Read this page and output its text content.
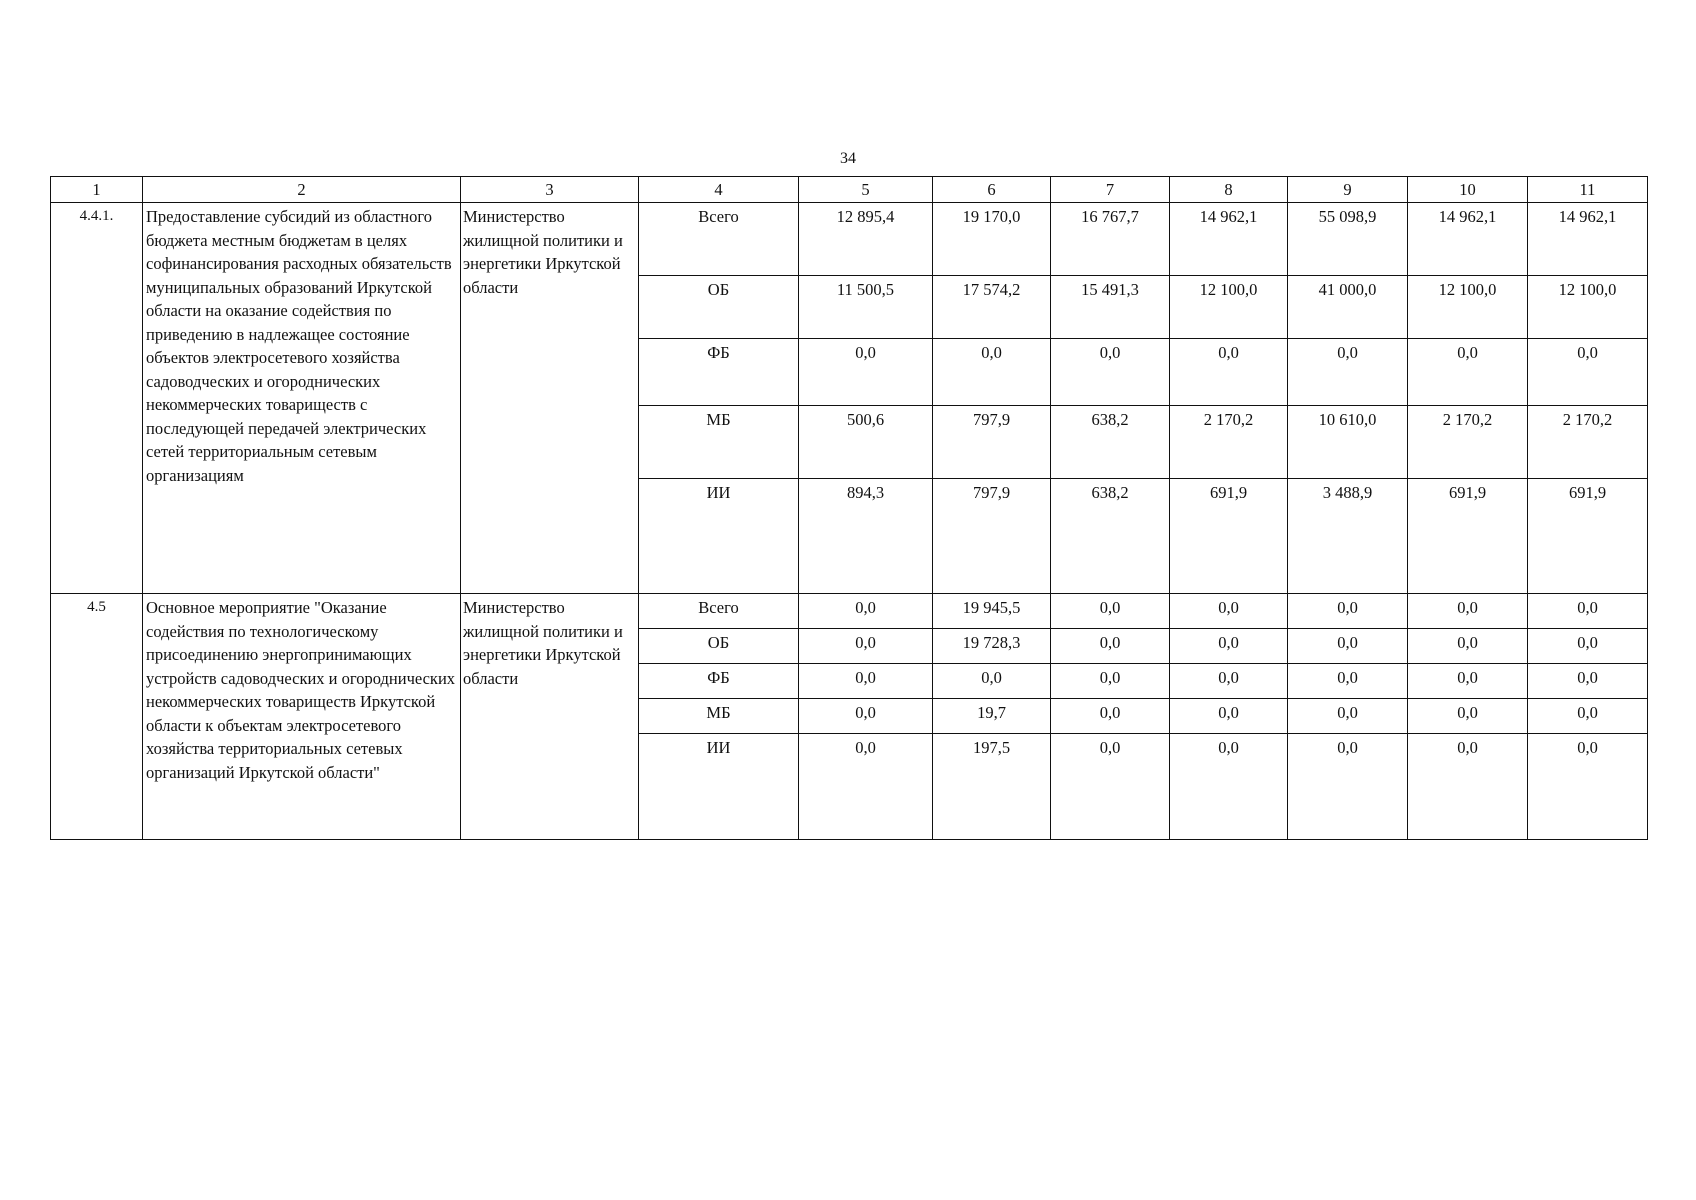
34
1	2	3	4	5	6	7	8	9	10	11
4.4.1.	Предоставление субсидий из областного бюджета местным бюджетам в целях софинансирования расходных обязательств муниципальных образований Иркутской области на оказание содействия по приведению в надлежащее состояние объектов электросетевого хозяйства садоводческих и огороднических некоммерческих товариществ с последующей передачей электрических сетей территориальным сетевым организациям	Министерство жилищной политики и энергетики Иркутской области	Всего	12 895,4	19 170,0	16 767,7	14 962,1	55 098,9	14 962,1	14 962,1
			ОБ	11 500,5	17 574,2	15 491,3	12 100,0	41 000,0	12 100,0	12 100,0
			ФБ	0,0	0,0	0,0	0,0	0,0	0,0	0,0
			МБ	500,6	797,9	638,2	2 170,2	10 610,0	2 170,2	2 170,2
			ИИ	894,3	797,9	638,2	691,9	3 488,9	691,9	691,9
4.5	Основное мероприятие "Оказание содействия по технологическому присоединению энергопринимающих устройств садоводческих и огороднических некоммерческих товариществ Иркутской области к объектам электросетевого хозяйства территориальных сетевых организаций Иркутской области"	Министерство жилищной политики и энергетики Иркутской области	Всего	0,0	19 945,5	0,0	0,0	0,0	0,0	0,0
			ОБ	0,0	19 728,3	0,0	0,0	0,0	0,0	0,0
			ФБ	0,0	0,0	0,0	0,0	0,0	0,0	0,0
			МБ	0,0	19,7	0,0	0,0	0,0	0,0	0,0
			ИИ	0,0	197,5	0,0	0,0	0,0	0,0	0,0
